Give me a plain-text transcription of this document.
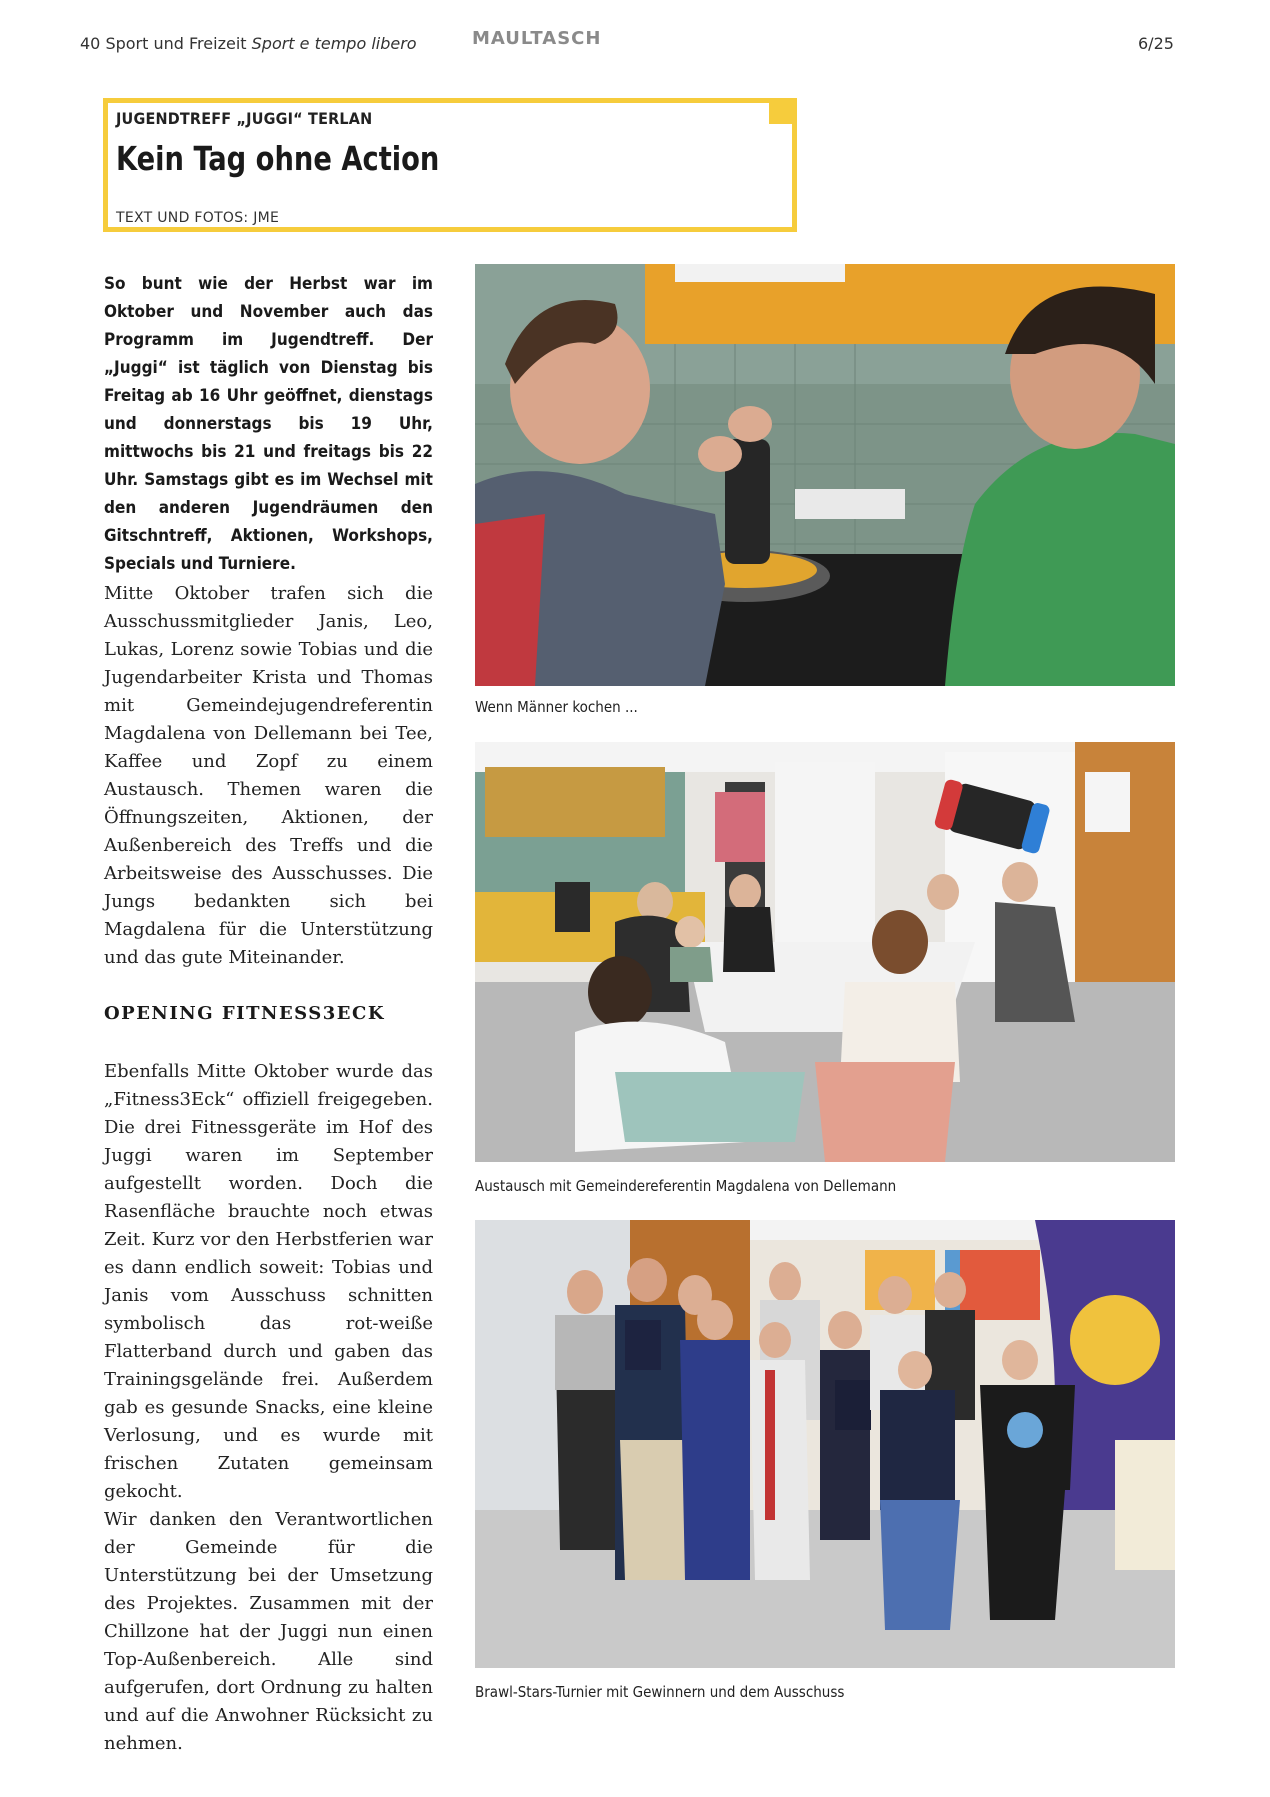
40 Sport und Freizeit Sport e tempo libero	MAULTASCH	6/25
JUGENDTREFF „JUGGI“ TERLAN
Kein Tag ohne Action
TEXT UND FOTOS: JME
So bunt wie der Herbst war im Oktober und November auch das Programm im Jugendtreff. Der „Juggi“ ist täglich von Dienstag bis Freitag ab 16 Uhr geöffnet, dienstags und donnerstags bis 19 Uhr, mittwochs bis 21 und freitags bis 22 Uhr. Samstags gibt es im Wechsel mit den anderen Jugendräumen den Gitschntreff, Aktionen, Workshops, Specials und Turniere.
Mitte Oktober trafen sich die Ausschussmitglieder Janis, Leo, Lukas, Lorenz sowie Tobias und die Jugendarbeiter Krista und Thomas mit Gemeindejugendreferentin Magdalena von Dellemann bei Tee, Kaffee und Zopf zu einem Austausch. Themen waren die Öffnungszeiten, Aktionen, der Außenbereich des Treffs und die Arbeitsweise des Ausschusses. Die Jungs bedankten sich bei Magdalena für die Unterstützung und das gute Miteinander.
OPENING FITNESS3ECK

Ebenfalls Mitte Oktober wurde das „Fitness3Eck“ offiziell freigegeben. Die drei Fitnessgeräte im Hof des Juggi waren im September aufgestellt worden. Doch die Rasenfläche brauchte noch etwas Zeit. Kurz vor den Herbstferien war es dann endlich soweit: Tobias und Janis vom Ausschuss schnitten symbolisch das rot-weiße Flatterband durch und gaben das Trainingsgelände frei. Außerdem gab es gesunde Snacks, eine kleine Verlosung, und es wurde mit frischen Zutaten gemeinsam gekocht.

Wir danken den Verantwortlichen der Gemeinde für die Unterstützung bei der Umsetzung des Projektes. Zusammen mit der Chillzone hat der Juggi nun einen Top-Außenbereich. Alle sind aufgerufen, dort Ordnung zu halten und auf die Anwohner Rücksicht zu nehmen.

Wenn Männer kochen ...
Austausch mit Gemeindereferentin Magdalena von Dellemann
Brawl-Stars-Turnier mit Gewinnern und dem Ausschuss
